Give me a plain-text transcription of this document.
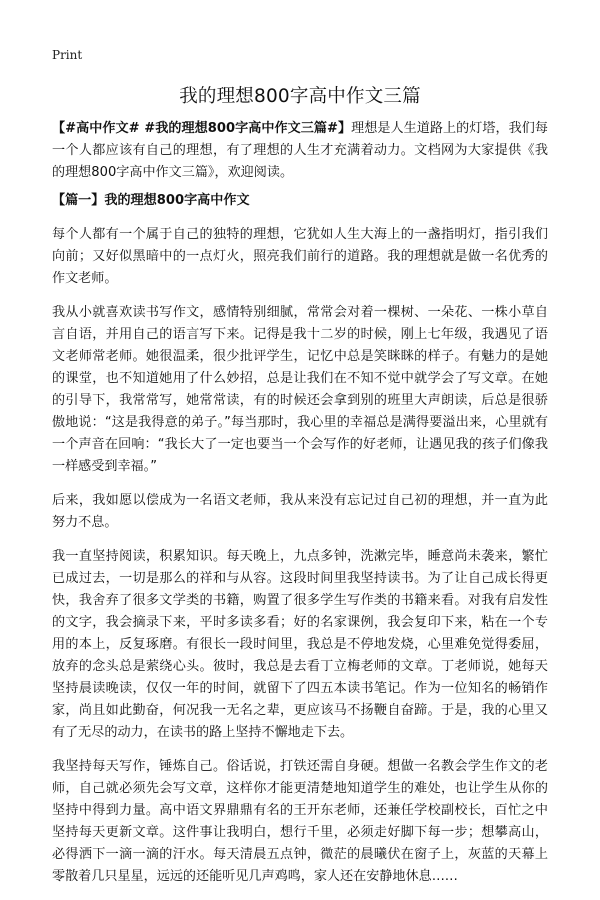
Print
我的理想800字高中作文三篇

【#高中作文# #我的理想800字高中作文三篇#】理想是人生道路上的灯塔，我们每一个人都应该有自己的理想，有了理想的人生才充满着动力。文档网为大家提供《我的理想800字高中作文三篇》，欢迎阅读。

【篇一】我的理想800字高中作文

每个人都有一个属于自己的独特的理想，它犹如人生大海上的一盏指明灯，指引我们向前；又好似黑暗中的一点灯火，照亮我们前行的道路。我的理想就是做一名优秀的作文老师。

我从小就喜欢读书写作文，感情特别细腻，常常会对着一棵树、一朵花、一株小草自言自语，并用自己的语言写下来。记得是我十二岁的时候，刚上七年级，我遇见了语文老师常老师。她很温柔，很少批评学生，记忆中总是笑眯眯的样子。有魅力的是她的课堂，也不知道她用了什么妙招，总是让我们在不知不觉中就学会了写文章。在她的引导下，我常常写，她常常读，有的时候还会拿到别的班里大声朗读，后总是很骄傲地说：“这是我得意的弟子。”每当那时，我心里的幸福总是满得要溢出来，心里就有一个声音在回响：“我长大了一定也要当一个会写作的好老师，让遇见我的孩子们像我一样感受到幸福。”

后来，我如愿以偿成为一名语文老师，我从来没有忘记过自己初的理想，并一直为此努力不息。

我一直坚持阅读，积累知识。每天晚上，九点多钟，洗漱完毕，睡意尚未袭来，繁忙已成过去，一切是那么的祥和与从容。这段时间里我坚持读书。为了让自己成长得更快，我舍弃了很多文学类的书籍，购置了很多学生写作类的书籍来看。对我有启发性的文字，我会摘录下来，平时多读多看；好的名家课例，我会复印下来，粘在一个专用的本上，反复琢磨。有很长一段时间里，我总是不停地发烧，心里难免觉得委屈，放弃的念头总是萦绕心头。彼时，我总是去看丁立梅老师的文章。丁老师说，她每天坚持晨读晚读，仅仅一年的时间，就留下了四五本读书笔记。作为一位知名的畅销作家，尚且如此勤奋，何况我一无名之辈，更应该马不扬鞭自奋蹄。于是，我的心里又有了无尽的动力，在读书的路上坚持不懈地走下去。

我坚持每天写作，锤炼自己。俗话说，打铁还需自身硬。想做一名教会学生作文的老师，自己就必须先会写文章，这样你才能更清楚地知道学生的难处，也让学生从你的坚持中得到力量。高中语文界鼎鼎有名的王开东老师，还兼任学校副校长，百忙之中坚持每天更新文章。这件事让我明白，想行千里，必须走好脚下每一步；想攀高山，必得洒下一滴一滴的汗水。每天清晨五点钟，微茫的晨曦伏在窗子上，灰蓝的天幕上零散着几只星星，远远的还能听见几声鸡鸣，家人还在安静地休息……
